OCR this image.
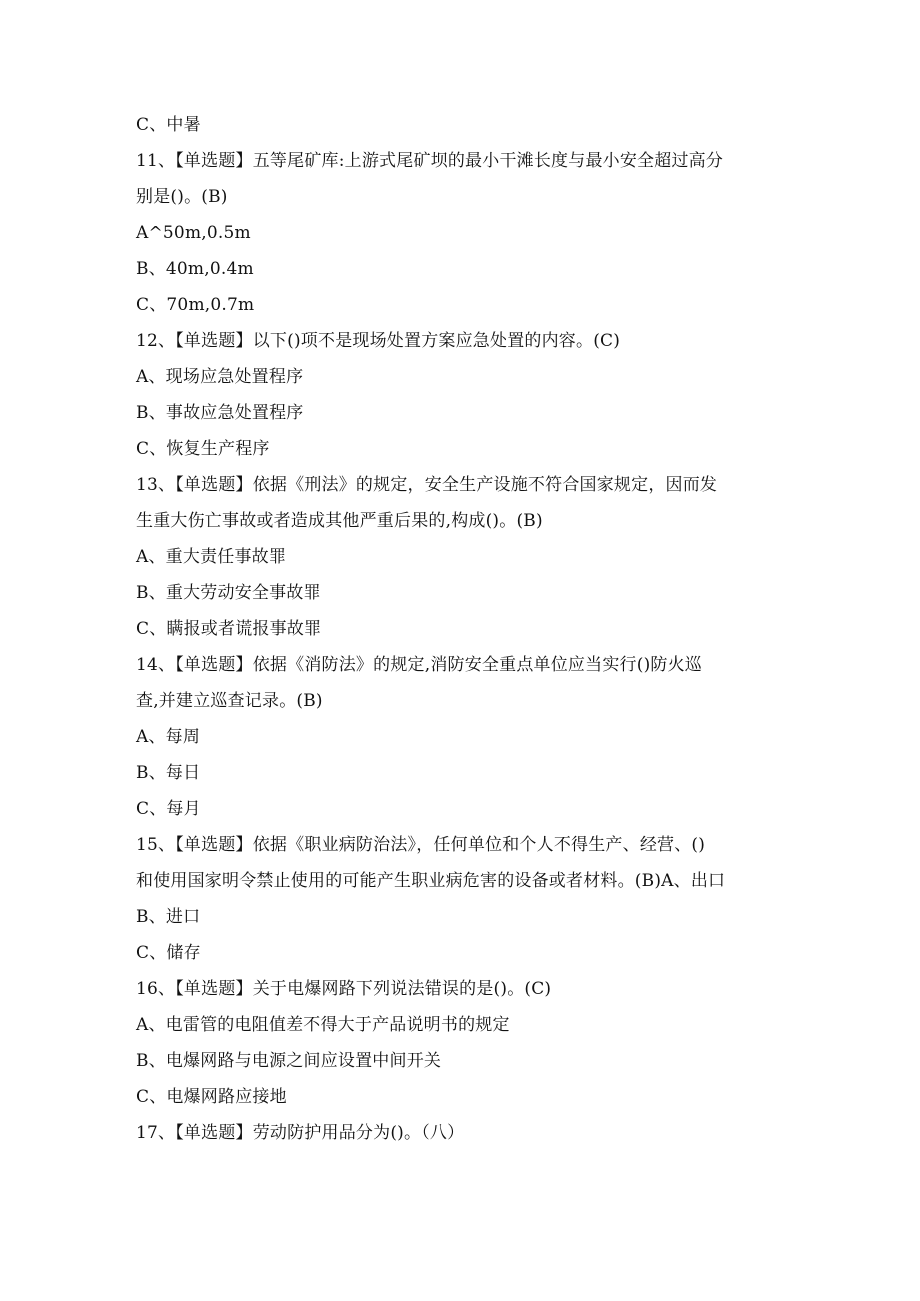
C、中暑
11、【单选题】五等尾矿库:上游式尾矿坝的最小干滩长度与最小安全超过高分
别是()。(B)
A^50m,0.5m
B、40m,0.4m
C、70m,0.7m
12、【单选题】以下()项不是现场处置方案应急处置的内容。(C)
A、现场应急处置程序
B、事故应急处置程序
C、恢复生产程序
13、【单选题】依据《刑法》的规定，安全生产设施不符合国家规定，因而发
生重大伤亡事故或者造成其他严重后果的,构成()。(B)
A、重大责任事故罪
B、重大劳动安全事故罪
C、瞒报或者谎报事故罪
14、【单选题】依据《消防法》的规定,消防安全重点单位应当实行()防火巡
查,并建立巡查记录。(B)
A、每周
B、每日
C、每月
15、【单选题】依据《职业病防治法》，任何单位和个人不得生产、经营、()
和使用国家明令禁止使用的可能产生职业病危害的设备或者材料。(B)A、出口
B、进口
C、储存
16、【单选题】关于电爆网路下列说法错误的是()。(C)
A、电雷管的电阻值差不得大于产品说明书的规定
B、电爆网路与电源之间应设置中间开关
C、电爆网路应接地
17、【单选题】劳动防护用品分为()。（八）
